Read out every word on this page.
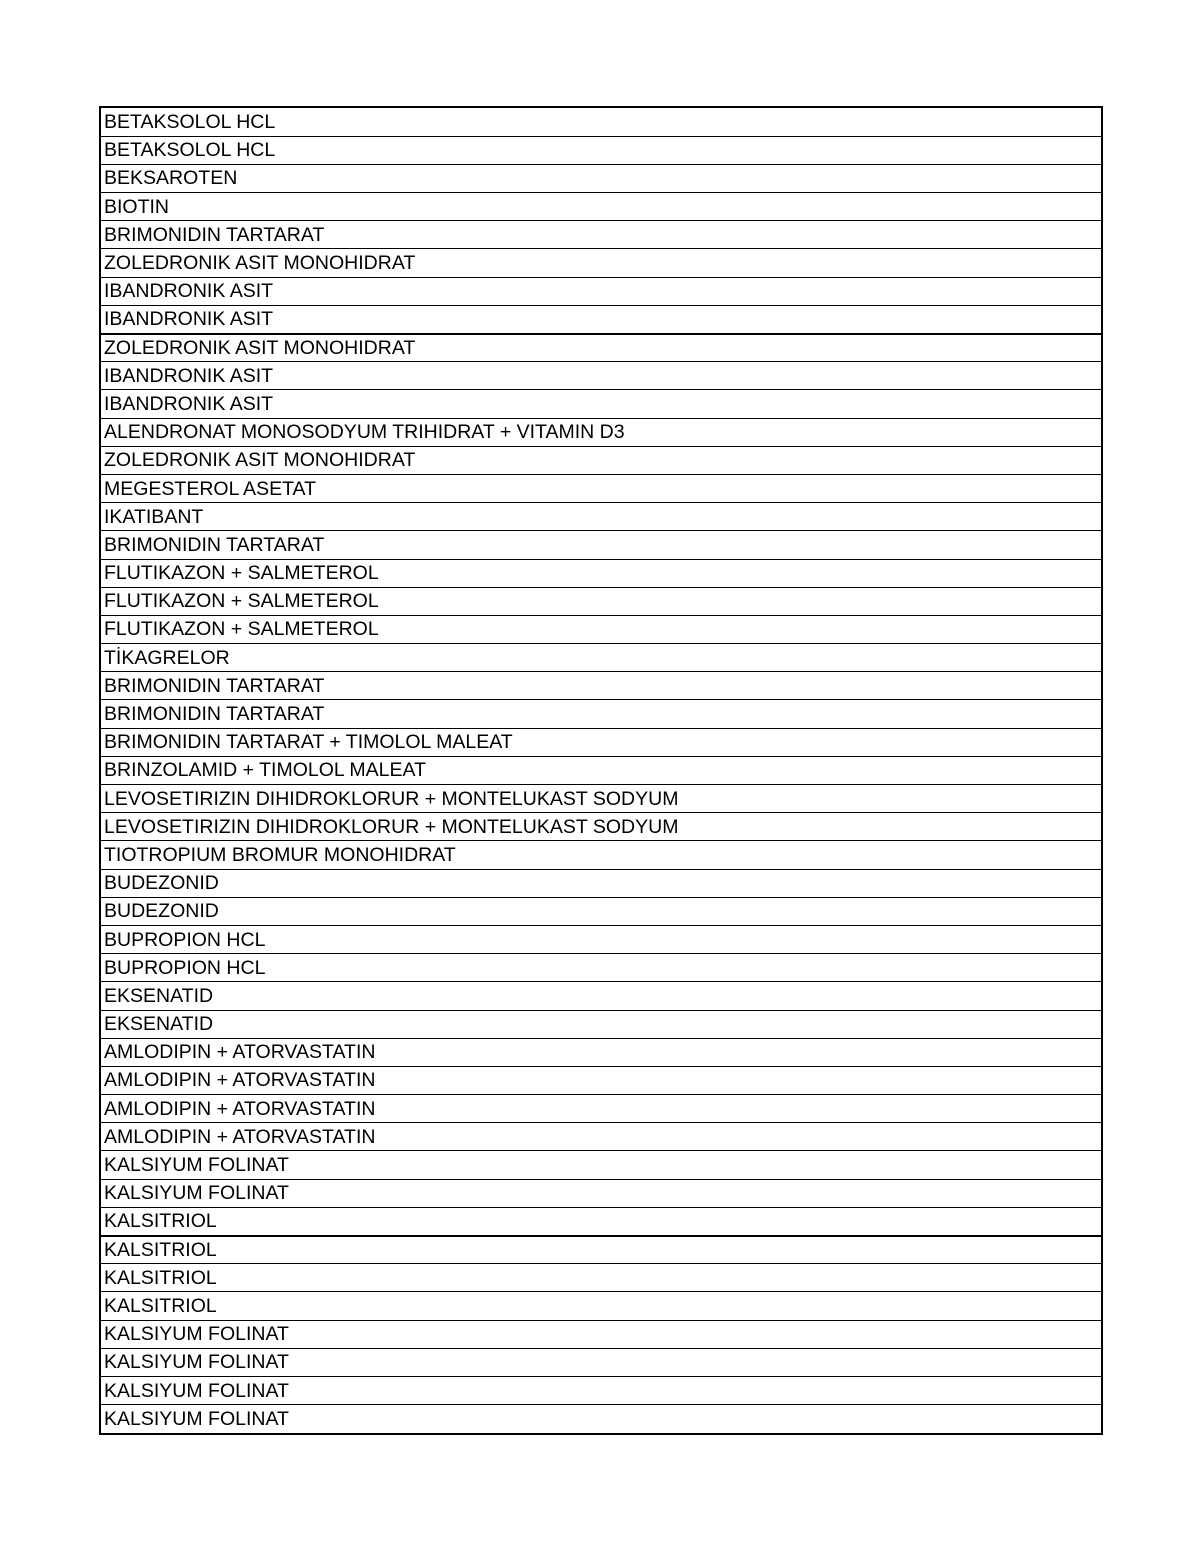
BETAKSOLOL HCL
BETAKSOLOL HCL
BEKSAROTEN
BIOTIN
BRIMONIDIN TARTARAT
ZOLEDRONIK ASIT MONOHIDRAT
IBANDRONIK ASIT
IBANDRONIK ASIT
ZOLEDRONIK ASIT MONOHIDRAT
IBANDRONIK ASIT
IBANDRONIK ASIT
ALENDRONAT MONOSODYUM TRIHIDRAT + VITAMIN D3
ZOLEDRONIK ASIT MONOHIDRAT
MEGESTEROL ASETAT
IKATIBANT
BRIMONIDIN TARTARAT
FLUTIKAZON + SALMETEROL
FLUTIKAZON + SALMETEROL
FLUTIKAZON + SALMETEROL
TİKAGRELOR
BRIMONIDIN TARTARAT
BRIMONIDIN TARTARAT
BRIMONIDIN TARTARAT + TIMOLOL MALEAT
BRINZOLAMID + TIMOLOL MALEAT
LEVOSETIRIZIN DIHIDROKLORUR + MONTELUKAST SODYUM
LEVOSETIRIZIN DIHIDROKLORUR + MONTELUKAST SODYUM
TIOTROPIUM BROMUR MONOHIDRAT
BUDEZONID
BUDEZONID
BUPROPION HCL
BUPROPION HCL
EKSENATID
EKSENATID
AMLODIPIN + ATORVASTATIN
AMLODIPIN + ATORVASTATIN
AMLODIPIN + ATORVASTATIN
AMLODIPIN + ATORVASTATIN
KALSIYUM FOLINAT
KALSIYUM FOLINAT
KALSITRIOL
KALSITRIOL
KALSITRIOL
KALSITRIOL
KALSIYUM FOLINAT
KALSIYUM FOLINAT
KALSIYUM FOLINAT
KALSIYUM FOLINAT
